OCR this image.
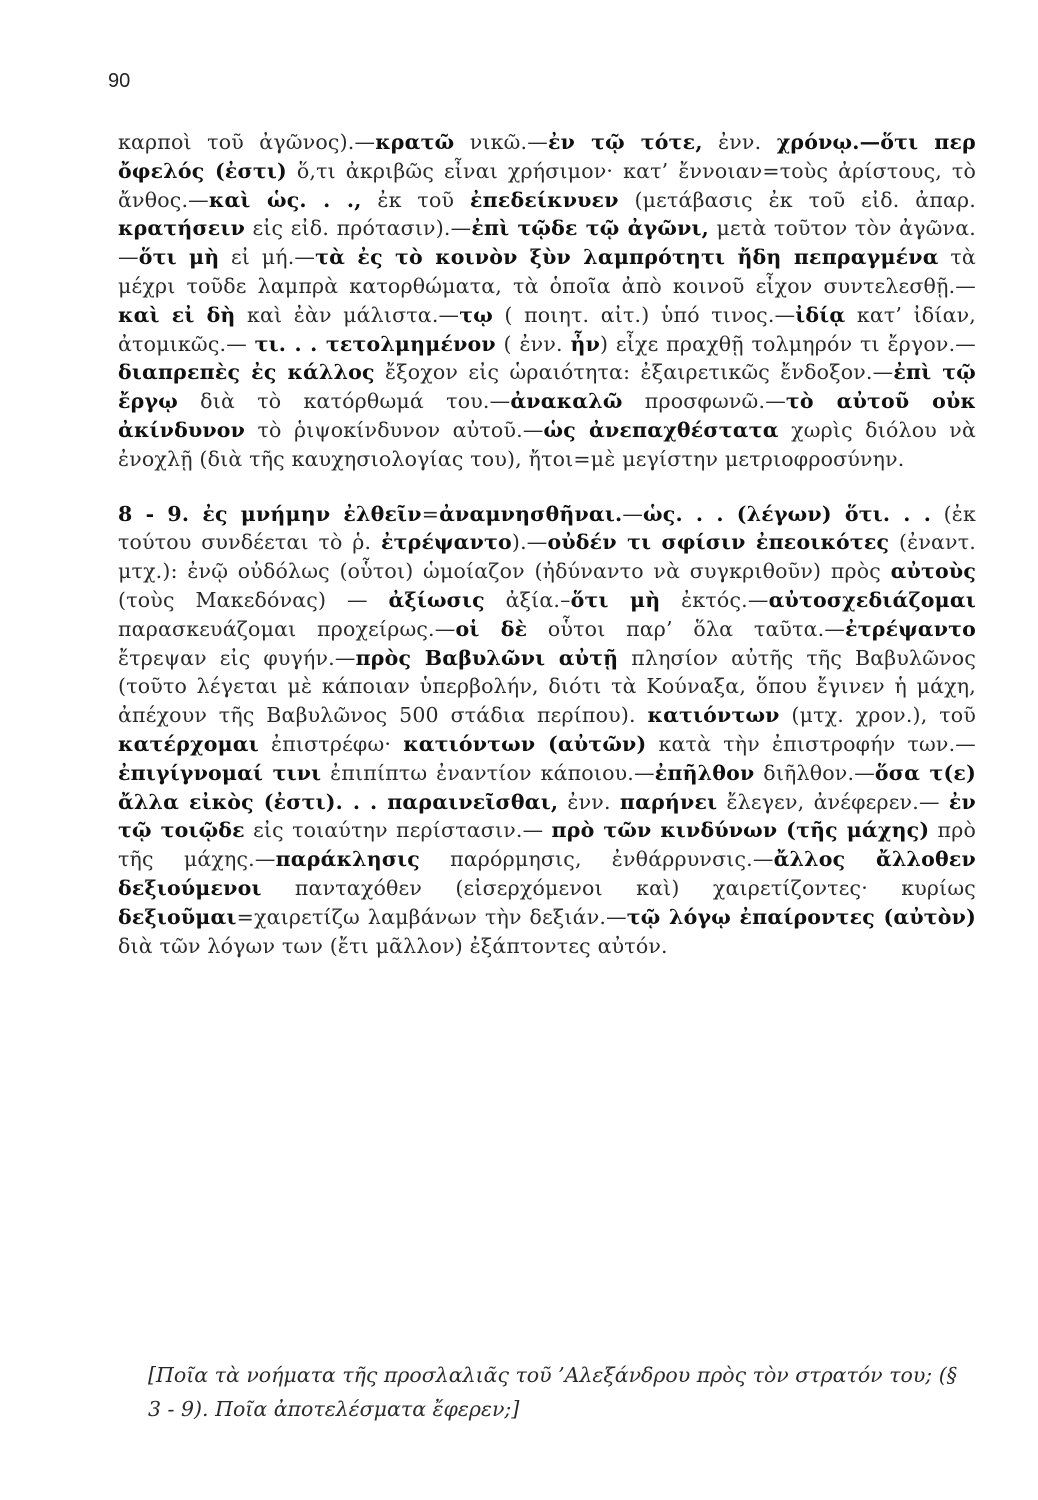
90

καρποὶ τοῦ ἀγῶνος).—κρατῶ νικῶ.—ἐν τῷ τότε, ἐνν. χρόνῳ.—ὅτι περ ὄφελός (ἐστι) ὅ,τι ἀκριβῶς εἶναι χρήσιμον· κατ’ ἔννοιαν=τοὺς ἀρίστους, τὸ ἄνθος.—καὶ ὡς. . ., ἐκ τοῦ ἐπεδείκνυεν (μετάβασις ἐκ τοῦ εἰδ. ἀπαρ. κρατήσειν εἰς εἰδ. πρότασιν).—ἐπὶ τῷδε τῷ ἀγῶνι, μετὰ τοῦτον τὸν ἀγῶνα.—ὅτι μὴ εἰ μή.—τὰ ἐς τὸ κοινὸν ξὺν λαμπρότητι ἤδη πεπραγμένα τὰ μέχρι τοῦδε λαμπρὰ κατορθώματα, τὰ ὁποῖα ἀπὸ κοινοῦ εἶχον συντελεσθῇ.—καὶ εἰ δὴ καὶ ἐὰν μάλιστα.—τῳ ( ποιητ. αἰτ.) ὑπό τινος.—ἰδίᾳ κατ’ ἰδίαν, ἀτομικῶς.— τι. . . τετολμημένον ( ἐνν. ἦν) εἶχε πραχθῇ τολμηρόν τι ἔργον.—διαπρεπὲς ἐς κάλλος ἔξοχον εἰς ὡραιότητα: ἐξαιρετικῶς ἔνδοξον.—ἐπὶ τῷ ἔργῳ διὰ τὸ κατόρθωμά του.—ἀνακαλῶ προσφωνῶ.—τὸ αὐτοῦ οὐκ ἀκίνδυνον τὸ ῥιψοκίνδυνον αὐτοῦ.—ὡς ἀνεπαχθέστατα χωρὶς διόλου νὰ ἐνοχλῇ (διὰ τῆς καυχησιολογίας του), ἤτοι=μὲ μεγίστην μετριοφροσύνην.

8 - 9. ἐς μνήμην ἐλθεῖν=ἀναμνησθῆναι.—ὡς. . . (λέγων) ὅτι. . . (ἐκ τούτου συνδέεται τὸ ῥ. ἐτρέψαντο).—οὐδέν τι σφίσιν ἐπεοικότες (ἐναντ. μτχ.): ἐνῷ οὐδόλως (οὗτοι) ὡμοίαζον (ἠδύναντο νὰ συγκριθοῦν) πρὸς αὐτοὺς (τοὺς Μακεδόνας) — ἀξίωσις ἀξία.–ὅτι μὴ ἐκτός.—αὐτοσχεδιάζομαι παρασκευάζομαι προχείρως.—οἱ δὲ οὗτοι παρ’ ὅλα ταῦτα.—ἐτρέψαντο ἔτρεψαν εἰς φυγήν.—πρὸς Βαβυλῶνι αὐτῇ πλησίον αὐτῆς τῆς Βαβυλῶνος (τοῦτο λέγεται μὲ κάποιαν ὑπερβολήν, διότι τὰ Κούναξα, ὅπου ἔγινεν ἡ μάχη, ἀπέχουν τῆς Βαβυλῶνος 500 στάδια περίπου). κατιόντων (μτχ. χρον.), τοῦ κατέρχομαι ἐπιστρέφω· κατιόντων (αὐτῶν) κατὰ τὴν ἐπιστροφήν των.— ἐπιγίγνομαί τινι ἐπιπίπτω ἐναντίον κάποιου.—ἐπῆλθον διῆλθον.—ὅσα τ(ε) ἄλλα εἰκὸς (ἐστι). . . παραινεῖσθαι, ἐνν. παρήνει ἔλεγεν, ἀνέφερεν.— ἐν τῷ τοιῷδε εἰς τοιαύτην περίστασιν.— πρὸ τῶν κινδύνων (τῆς μάχης) πρὸ τῆς μάχης.—παράκλησις παρόρμησις, ἐνθάρρυνσις.—ἄλλος ἄλλοθεν δεξιούμενοι πανταχόθεν (εἰσερχόμενοι καὶ) χαιρετίζοντες· κυρίως δεξιοῦμαι=χαιρετίζω λαμβάνων τὴν δεξιάν.—τῷ λόγῳ ἐπαίροντες (αὐτὸν) διὰ τῶν λόγων των (ἔτι μᾶλλον) ἐξάπτοντες αὐτόν.

[Ποῖα τὰ νοήματα τῆς προσλαλιᾶς τοῦ ’Αλεξάνδρου πρὸς τὸν στρατόν του; (§ 3 - 9). Ποῖα ἀποτελέσματα ἔφερεν;]
